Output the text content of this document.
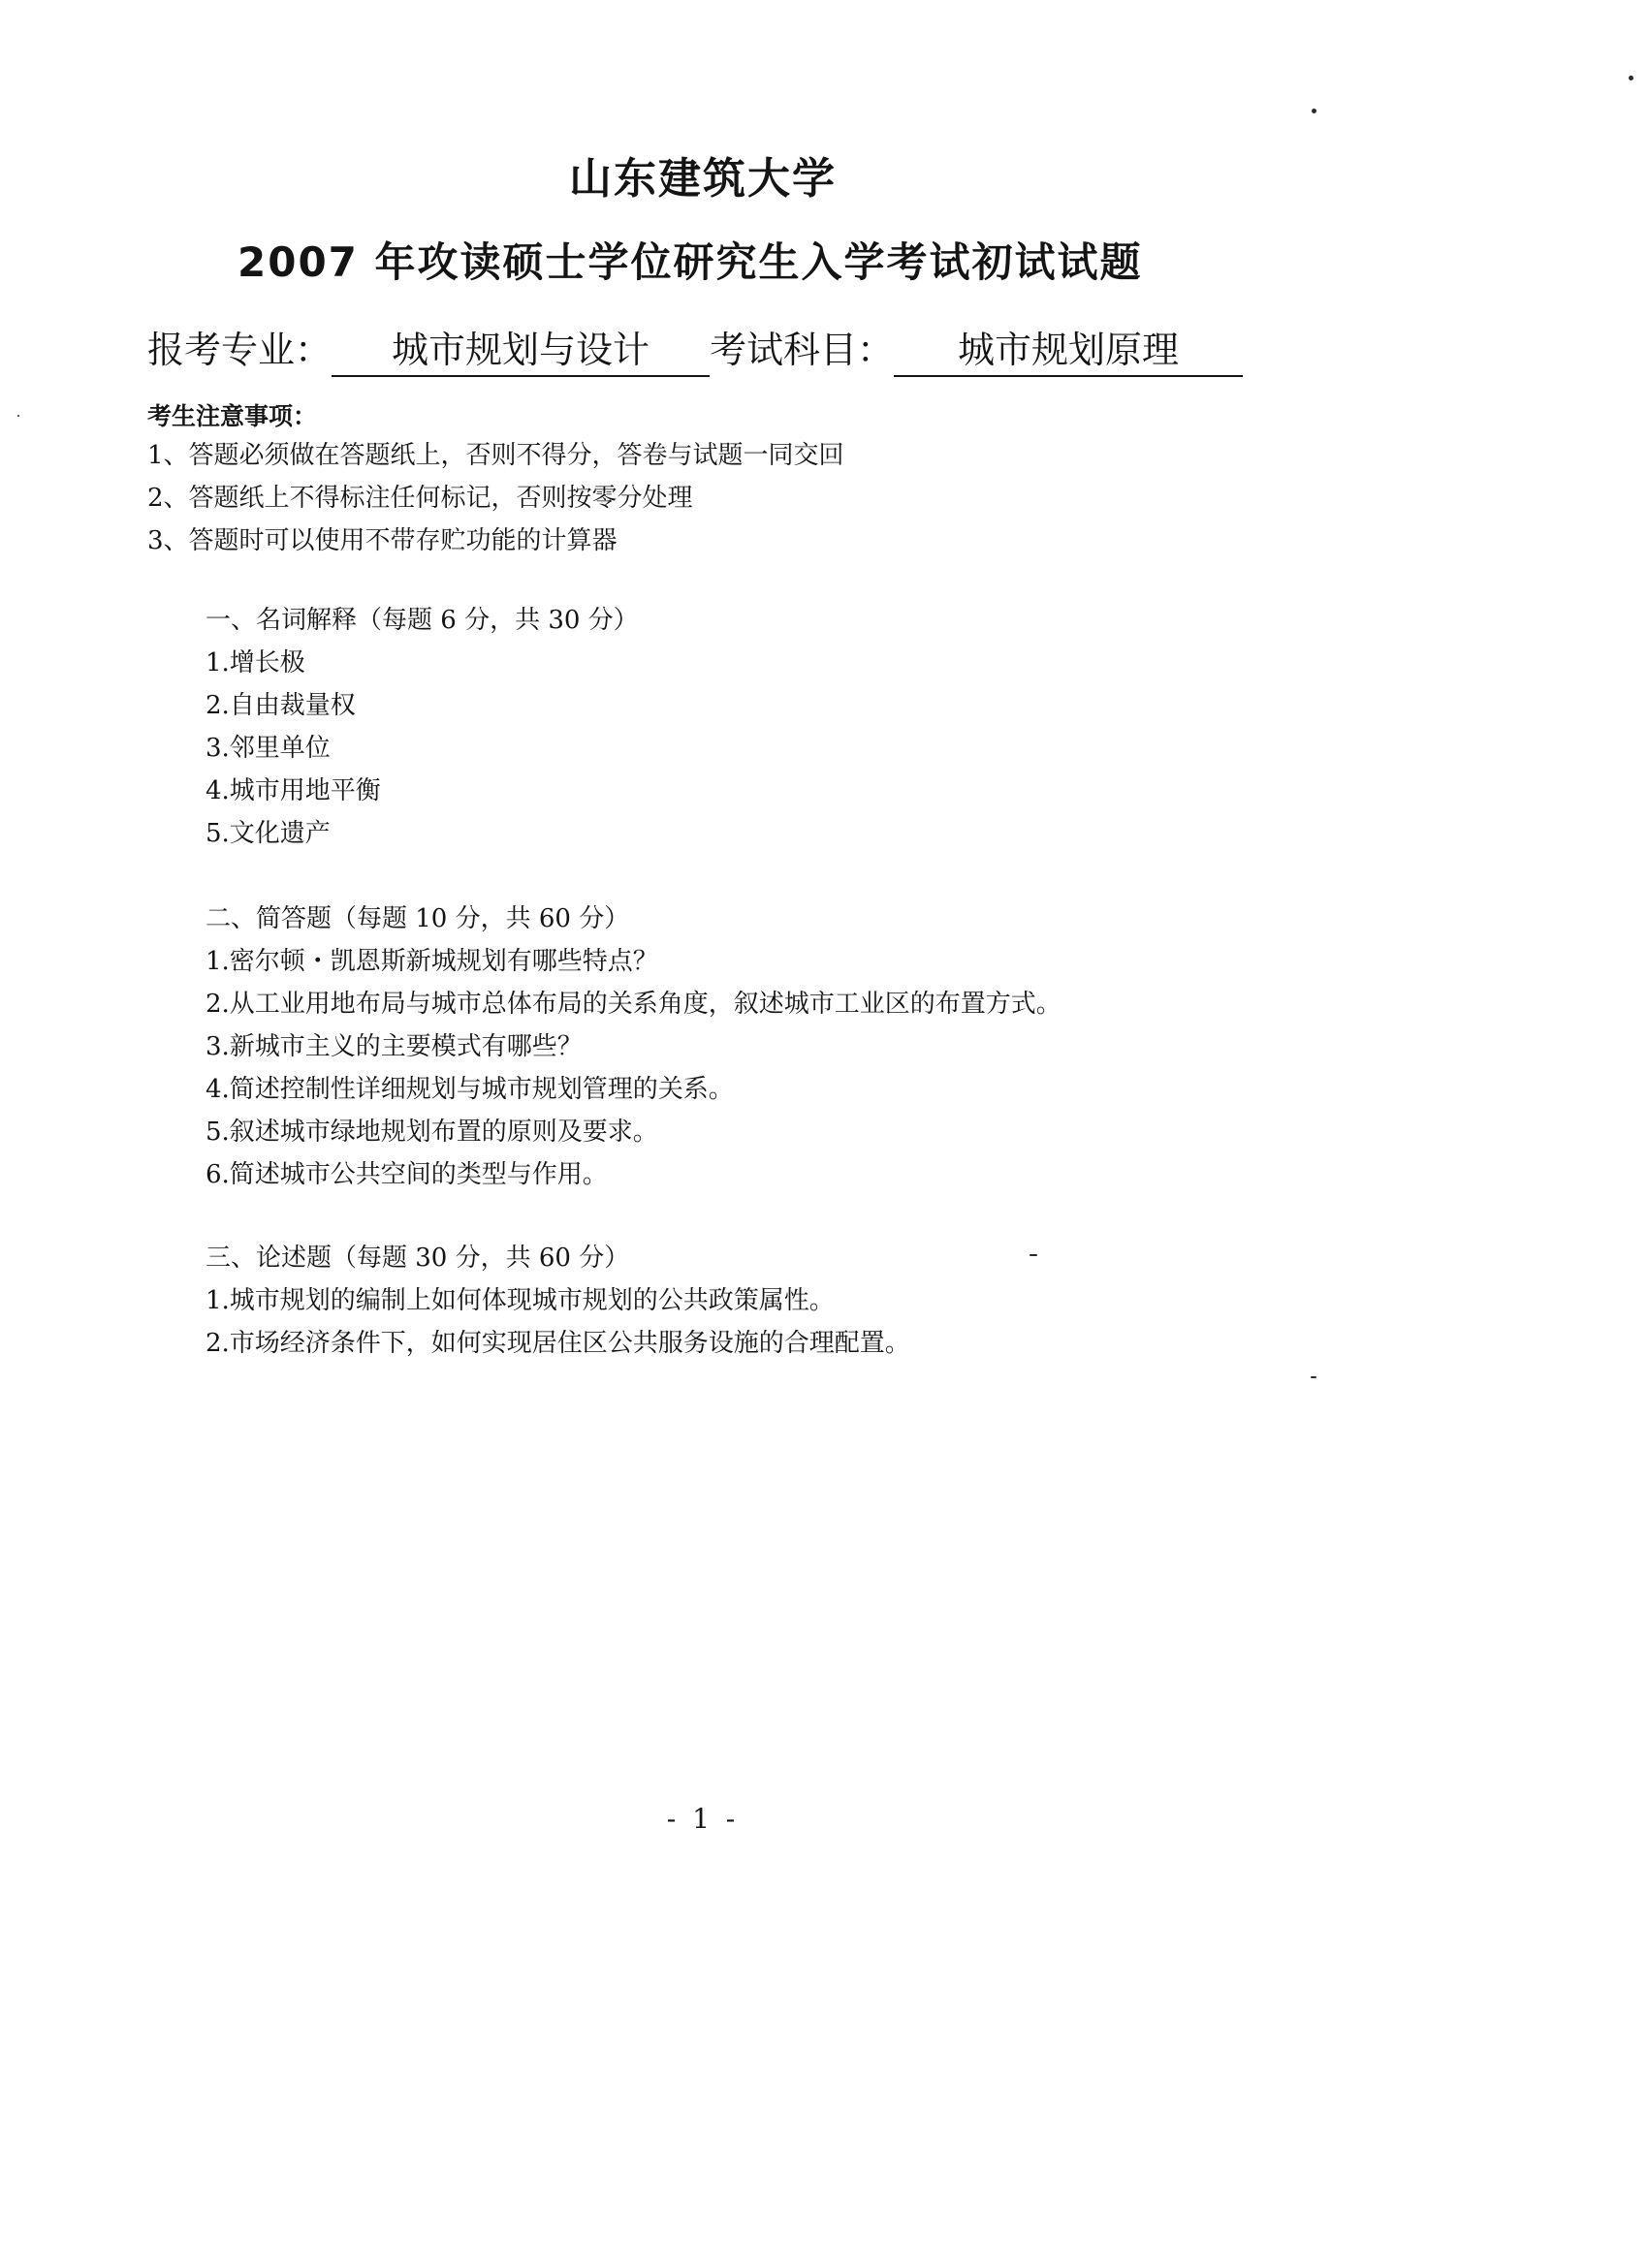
山东建筑大学
2007 年攻读硕士学位研究生入学考试初试试题
报考专业：	城市规划与设计	考试科目：	城市规划原理
考生注意事项：
1、答题必须做在答题纸上，否则不得分，答卷与试题一同交回
2、答题纸上不得标注任何标记，否则按零分处理
3、答题时可以使用不带存贮功能的计算器

一、名词解释（每题 6 分，共 30 分）

1.增长极
2.自由裁量权
3.邻里单位
4.城市用地平衡
5.文化遗产

二、简答题（每题 10 分，共 60 分）

1.密尔顿・凯恩斯新城规划有哪些特点？
2.从工业用地布局与城市总体布局的关系角度，叙述城市工业区的布置方式。
3.新城市主义的主要模式有哪些？
4.简述控制性详细规划与城市规划管理的关系。
5.叙述城市绿地规划布置的原则及要求。
6.简述城市公共空间的类型与作用。

三、论述题（每题 30 分，共 60 分）

1.城市规划的编制上如何体现城市规划的公共政策属性。
2.市场经济条件下，如何实现居住区公共服务设施的合理配置。
- 1 -
